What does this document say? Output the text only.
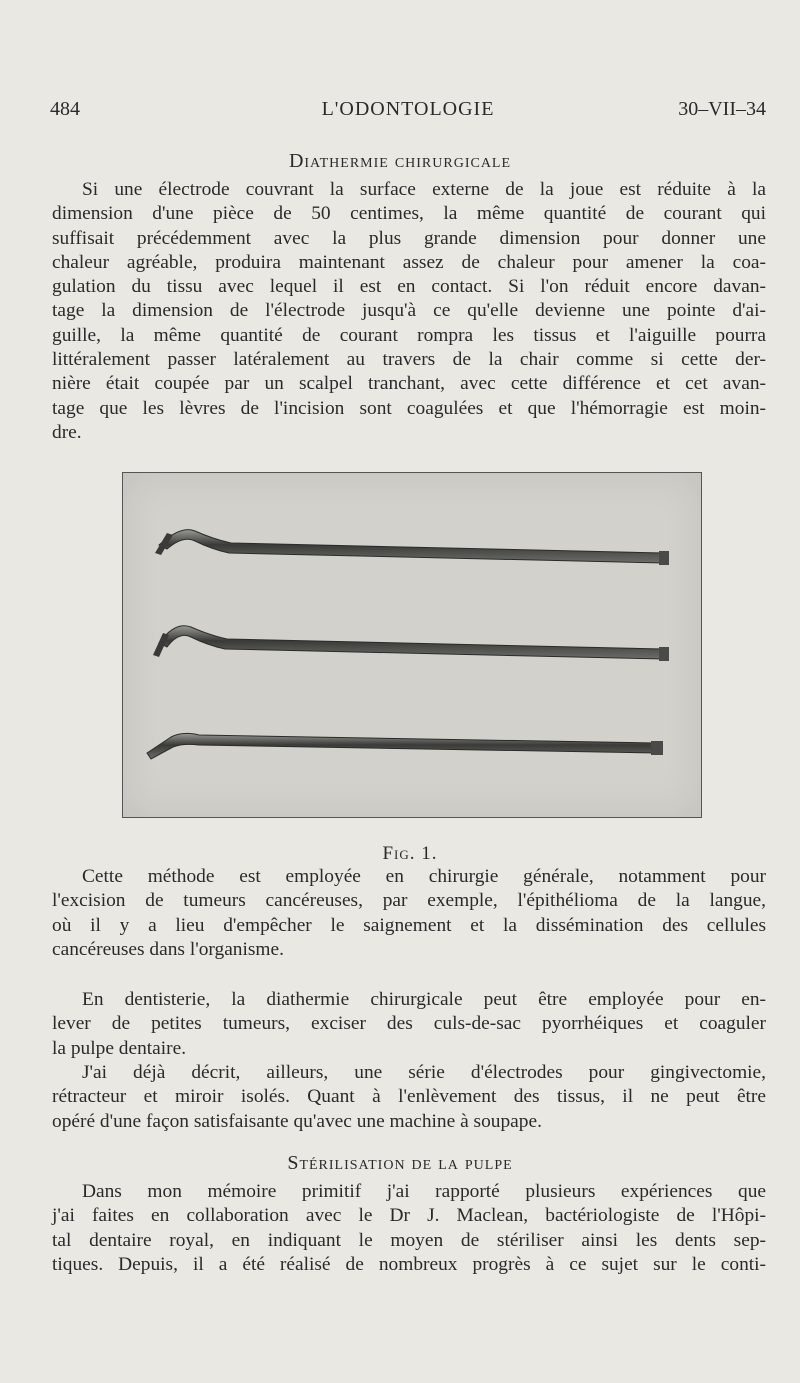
484	L'ODONTOLOGIE	30–VII–34
Diathermie chirurgicale

Si une électrode couvrant la surface externe de la joue est réduite à la
dimension d'une pièce de 50 centimes, la même quantité de courant qui
suffisait précédemment avec la plus grande dimension pour donner une
chaleur agréable, produira maintenant assez de chaleur pour amener la coa-
gulation du tissu avec lequel il est en contact. Si l'on réduit encore davan-
tage la dimension de l'électrode jusqu'à ce qu'elle devienne une pointe d'ai-
guille, la même quantité de courant rompra les tissus et l'aiguille pourra
littéralement passer latéralement au travers de la chair comme si cette der-
nière était coupée par un scalpel tranchant, avec cette différence et cet avan-
tage que les lèvres de l'incision sont coagulées et que l'hémorragie est moin-
dre.

Fig. 1.

Cette méthode est employée en chirurgie générale, notamment pour
l'excision de tumeurs cancéreuses, par exemple, l'épithélioma de la langue,
où il y a lieu d'empêcher le saignement et la dissémination des cellules
cancéreuses dans l'organisme.

En dentisterie, la diathermie chirurgicale peut être employée pour en-
lever de petites tumeurs, exciser des culs-de-sac pyorrhéiques et coaguler
la pulpe dentaire.

J'ai déjà décrit, ailleurs, une série d'électrodes pour gingivectomie,
rétracteur et miroir isolés. Quant à l'enlèvement des tissus, il ne peut être
opéré d'une façon satisfaisante qu'avec une machine à soupape.

Stérilisation de la pulpe

Dans mon mémoire primitif j'ai rapporté plusieurs expériences que
j'ai faites en collaboration avec le Dr J. Maclean, bactériologiste de l'Hôpi-
tal dentaire royal, en indiquant le moyen de stériliser ainsi les dents sep-
tiques. Depuis, il a été réalisé de nombreux progrès à ce sujet sur le conti-
